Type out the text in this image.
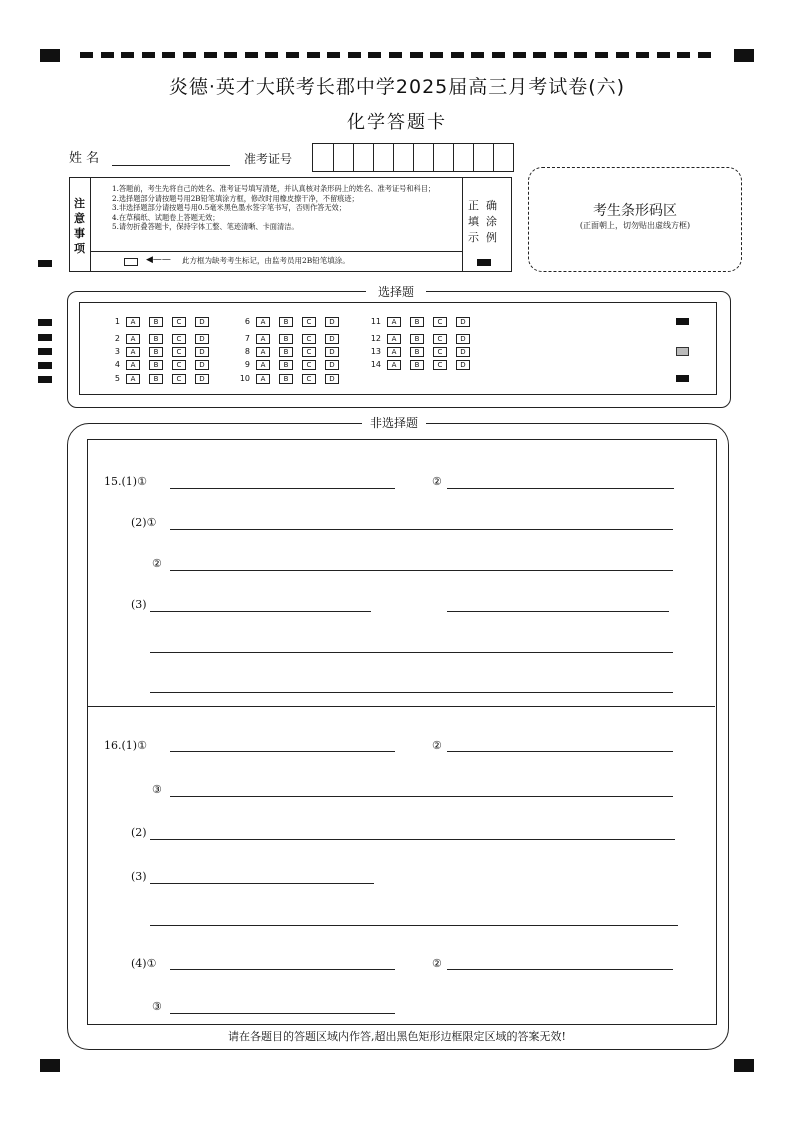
炎德·英才大联考长郡中学2025届高三月考试卷(六)
化学答题卡
姓 名	准考证号
注
意
事
项
1.答题前，考生先将自己的姓名、准考证号填写清楚，并认真核对条形码上的姓名、准考证号和科目；
2.选择题部分请按题号用2B铅笔填涂方框，修改时用橡皮擦干净，不留痕迹；
3.非选择题部分请按题号用0.5毫米黑色墨水签字笔书写，否则作答无效；
4.在草稿纸、试题卷上答题无效；
5.请勿折叠答题卡，保持字体工整、笔迹清晰、卡面清洁。
◀—— 此方框为缺考考生标记，由监考员用2B铅笔填涂。
正 确
填 涂
示 例
考生条形码区
(正面朝上，切勿贴出虚线方框)
选择题
1 A	B	C	D
2 A	B	C	D
3 A	B	C	D
4 A	B	C	D
5 A	B	C	D
6 A	B	C	D
7 A	B	C	D
8 A	B	C	D
9 A	B	C	D
10 A	B	C	D
11 A	B	C	D
12 A	B	C	D
13 A	B	C	D
14 A	B	C	D
非选择题
15.(1)①	②
(2)①
②
(3)
16.(1)①	②
③
(2)
(3)
(4)①	②
③
请在各题目的答题区域内作答,超出黑色矩形边框限定区域的答案无效!
